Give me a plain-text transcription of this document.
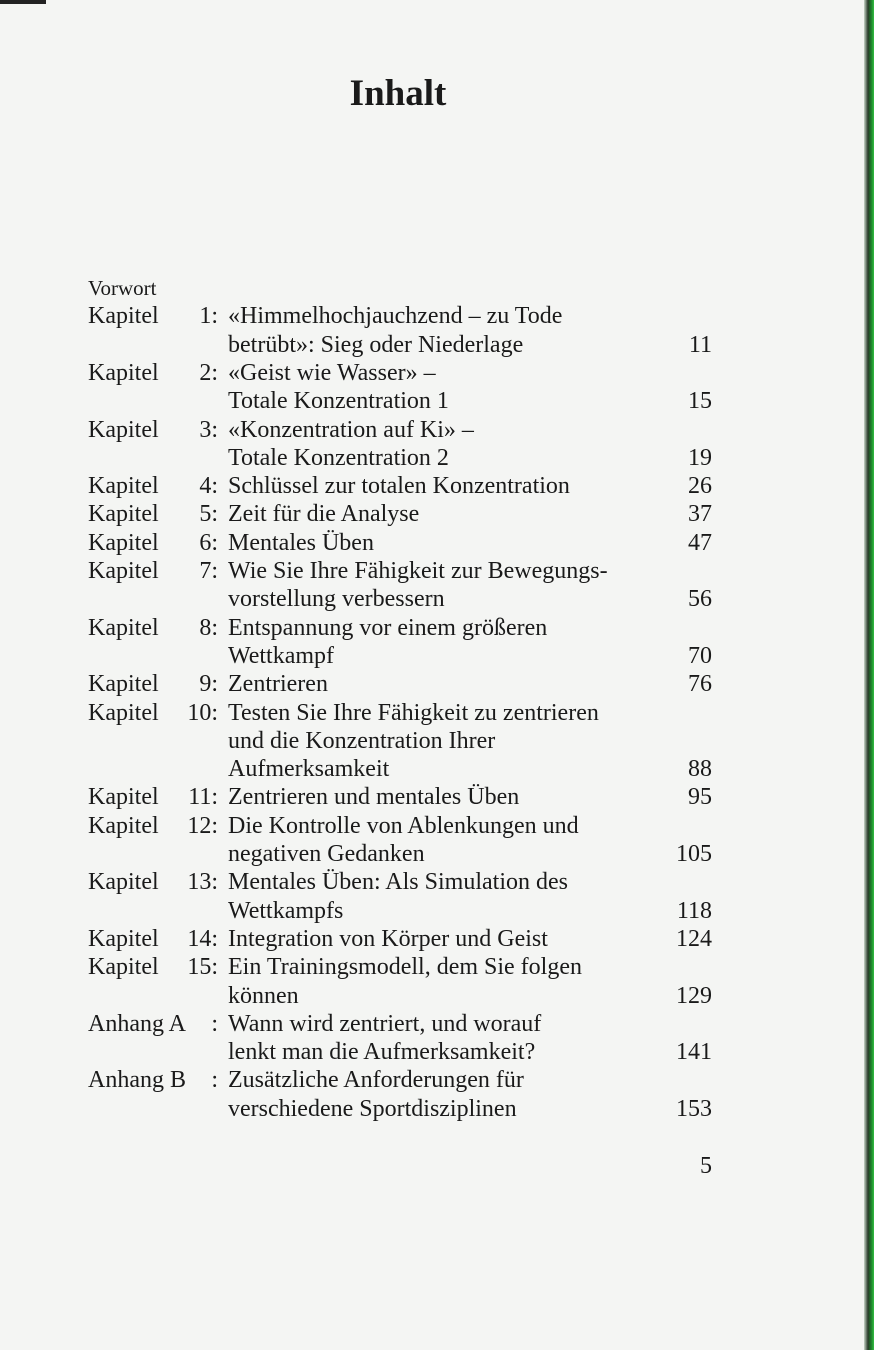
Inhalt
Vorwort
Kapitel	1: «Himmelhochjauchzend – zu Tode
betrübt»: Sieg oder Niederlage	11
Kapitel	2: «Geist wie Wasser» –
Totale Konzentration 1	15
Kapitel	3: «Konzentration auf Ki» –
Totale Konzentration 2	19
Kapitel	4: Schlüssel zur totalen Konzentration	26
Kapitel	5: Zeit für die Analyse	37
Kapitel	6: Mentales Üben	47
Kapitel	7: Wie Sie Ihre Fähigkeit zur Bewegungs-
vorstellung verbessern	56
Kapitel	8: Entspannung vor einem größeren
Wettkampf	70
Kapitel	9: Zentrieren	76
Kapitel	10: Testen Sie Ihre Fähigkeit zu zentrieren
und die Konzentration Ihrer
Aufmerksamkeit	88
Kapitel	11: Zentrieren und mentales Üben	95
Kapitel	12: Die Kontrolle von Ablenkungen und
negativen Gedanken	105
Kapitel	13: Mentales Üben: Als Simulation des
Wettkampfs	118
Kapitel	14: Integration von Körper und Geist	124
Kapitel	15: Ein Trainingsmodell, dem Sie folgen
können	129
Anhang A	: Wann wird zentriert, und worauf
lenkt man die Aufmerksamkeit?	141
Anhang B	: Zusätzliche Anforderungen für
verschiedene Sportdisziplinen	153
5
